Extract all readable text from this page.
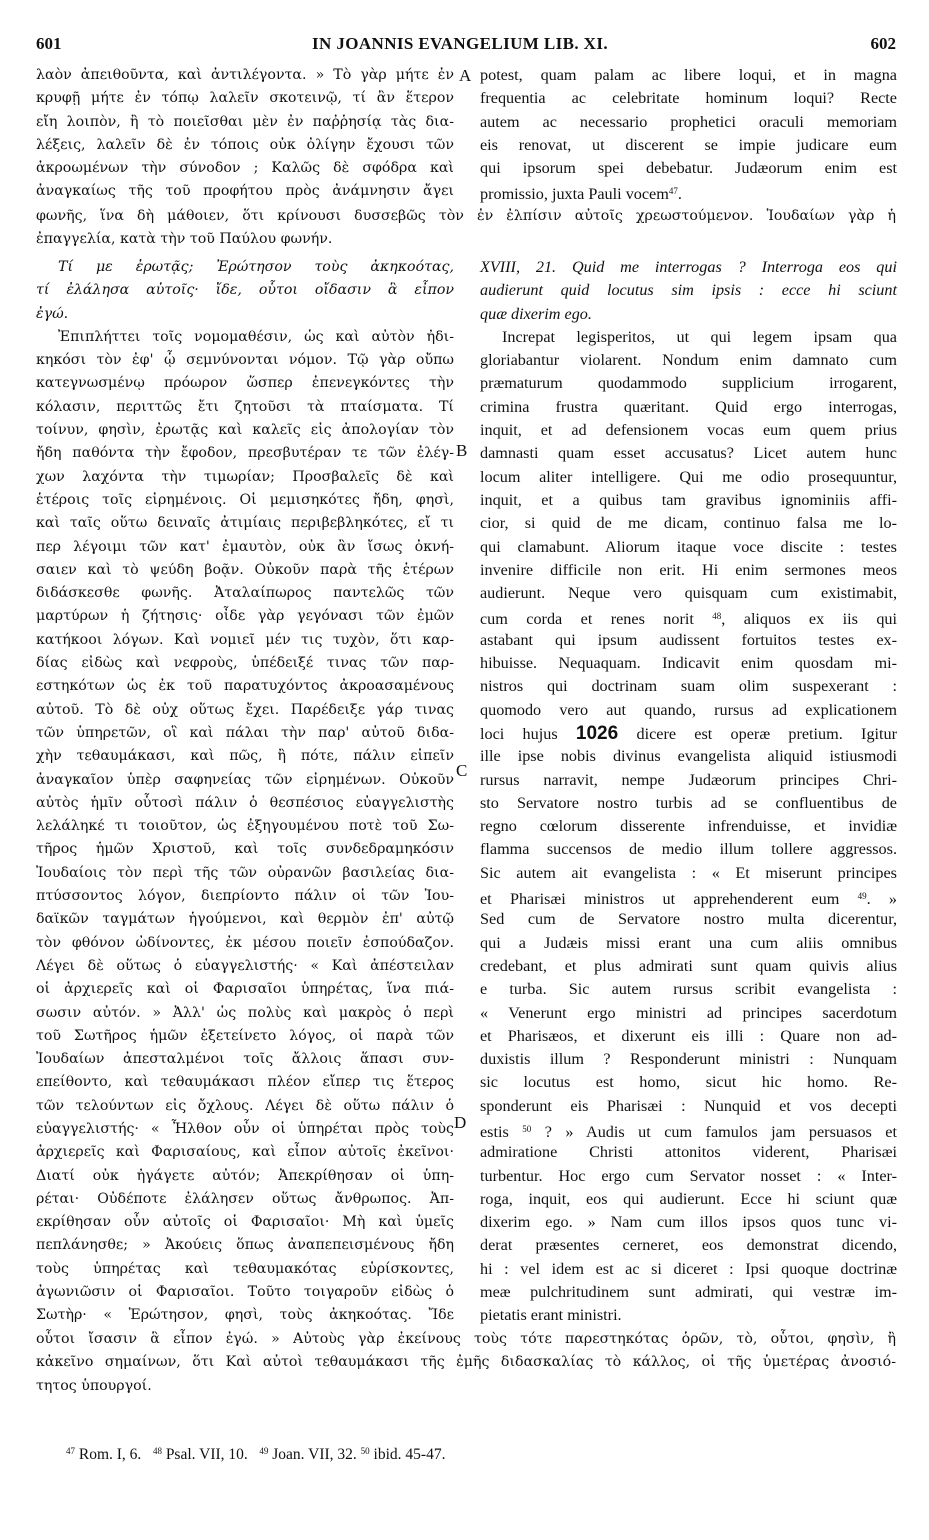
601	IN JOANNIS EVANGELIUM LIB. XI.	602
A
B
C
D
λαὸν ἀπειθοῦντα, καὶ ἀντιλέγοντα. » Τὸ γὰρ μήτε ἐν
κρυφῇ μήτε ἐν τόπῳ λαλεῖν σκοτεινῷ, τί ἂν ἕτερον
εἴη λοιπὸν, ἢ τὸ ποιεῖσθαι μὲν ἐν παῤῥησίᾳ τὰς δια-
λέξεις, λαλεῖν δὲ ἐν τόποις οὐκ ὀλίγην ἔχουσι τῶν
ἀκροωμένων τὴν σύνοδον ; Καλῶς δὲ σφόδρα καὶ
ἀναγκαίως τῆς τοῦ προφήτου πρὸς ἀνάμνησιν ἄγει
potest, quam palam ac libere loqui, et in magna
frequentia ac celebritate hominum loqui? Recte
autem ac necessario prophetici oraculi memoriam
eis renovat, ut discerent se impie judicare eum
qui ipsorum spei debebatur. Judæorum enim est
promissio, juxta Pauli vocem$^{47}$.
φωνῆς, ἵνα δὴ μάθοιεν, ὅτι κρίνουσι δυσσεβῶς τὸν ἐν ἐλπίσιν αὐτοῖς χρεωστούμενον. Ἰουδαίων γὰρ ἡ
ἐπαγγελία, κατὰ τὴν τοῦ Παύλου φωνήν.
Τί με ἐρωτᾷς; Ἐρώτησον τοὺς ἀκηκοότας,
τί ἐλάλησα αὐτοῖς· ἴδε, οὗτοι οἴδασιν ἃ εἶπον
ἐγώ.
Ἐπιπλήττει τοῖς νομομαθέσιν, ὡς καὶ αὐτὸν ἠδι-
κηκόσι τὸν ἐφ' ᾧ σεμνύνονται νόμον. Τῷ γὰρ οὔπω
κατεγνωσμένῳ πρόωρον ὥσπερ ἐπενεγκόντες τὴν
κόλασιν, περιττῶς ἔτι ζητοῦσι τὰ πταίσματα. Τί
τοίνυν, φησὶν, ἐρωτᾷς καὶ καλεῖς εἰς ἀπολογίαν τὸν
ἤδη παθόντα τὴν ἔφοδον, πρεσβυτέραν τε τῶν ἐλέγ-
χων λαχόντα τὴν τιμωρίαν; Προσβαλεῖς δὲ καὶ
ἑτέροις τοῖς εἰρημένοις. Οἱ μεμισηκότες ἤδη, φησὶ,
καὶ ταῖς οὕτω δειναῖς ἀτιμίαις περιβεβληκότες, εἴ τι
περ λέγοιμι τῶν κατ' ἐμαυτὸν, οὐκ ἂν ἴσως ὀκνή-
σαιεν καὶ τὸ ψεύδη βοᾷν. Οὐκοῦν παρὰ τῆς ἑτέρων
διδάσκεσθε φωνῆς. Ἀταλαίπωρος παντελῶς τῶν
μαρτύρων ἡ ζήτησις· οἶδε γὰρ γεγόνασι τῶν ἐμῶν
κατήκοοι λόγων. Καὶ νομιεῖ μέν τις τυχὸν, ὅτι καρ-
δίας εἰδὼς καὶ νεφροὺς, ὑπέδειξέ τινας τῶν παρ-
εστηκότων ὡς ἐκ τοῦ παρατυχόντος ἀκροασαμένους
αὐτοῦ. Τὸ δὲ οὐχ οὕτως ἔχει. Παρέδειξε γάρ τινας
τῶν ὑπηρετῶν, οἳ καὶ πάλαι τὴν παρ' αὐτοῦ διδα-
χὴν τεθαυμάκασι, καὶ πῶς, ἢ πότε, πάλιν εἰπεῖν
ἀναγκαῖον ὑπὲρ σαφηνείας τῶν εἰρημένων. Οὐκοῦν
αὐτὸς ἡμῖν οὗτοσὶ πάλιν ὁ θεσπέσιος εὐαγγελιστὴς
λελάληκέ τι τοιοῦτον, ὡς ἐξηγουμένου ποτὲ τοῦ Σω-
τῆρος ἡμῶν Χριστοῦ, καὶ τοῖς συνδεδραμηκόσιν
Ἰουδαίοις τὸν περὶ τῆς τῶν οὐρανῶν βασιλείας δια-
πτύσσοντος λόγον, διεπρίοντο πάλιν οἱ τῶν Ἰου-
δαϊκῶν ταγμάτων ἡγούμενοι, καὶ θερμὸν ἐπ' αὐτῷ
τὸν φθόνον ὠδίνοντες, ἐκ μέσου ποιεῖν ἐσπούδαζον.
Λέγει δὲ οὕτως ὁ εὐαγγελιστής· « Καὶ ἀπέστειλαν
οἱ ἀρχιερεῖς καὶ οἱ Φαρισαῖοι ὑπηρέτας, ἵνα πιά-
σωσιν αὐτόν. » Ἀλλ' ὡς πολὺς καὶ μακρὸς ὁ περὶ
τοῦ Σωτῆρος ἡμῶν ἐξετείνετο λόγος, οἱ παρὰ τῶν
Ἰουδαίων ἀπεσταλμένοι τοῖς ἄλλοις ἅπασι συν-
επείθοντο, καὶ τεθαυμάκασι πλέον εἴπερ τις ἕτερος
τῶν τελούντων εἰς ὄχλους. Λέγει δὲ οὕτω πάλιν ὁ
εὐαγγελιστής· « Ἦλθον οὖν οἱ ὑπηρέται πρὸς τοὺς
ἀρχιερεῖς καὶ Φαρισαίους, καὶ εἶπον αὐτοῖς ἐκεῖνοι·
Διατί οὐκ ἠγάγετε αὐτόν; Ἀπεκρίθησαν οἱ ὑπη-
ρέται· Οὐδέποτε ἐλάλησεν οὕτως ἄνθρωπος. Ἀπ-
εκρίθησαν οὖν αὐτοῖς οἱ Φαρισαῖοι· Μὴ καὶ ὑμεῖς
πεπλάνησθε; » Ἀκούεις ὅπως ἀναπεπεισμένους ἤδη
τοὺς ὑπηρέτας καὶ τεθαυμακότας εὑρίσκοντες,
ἀγωνιῶσιν οἱ Φαρισαῖοι. Τοῦτο τοιγαροῦν εἰδὼς ὁ
Σωτὴρ· « Ἐρώτησον, φησὶ, τοὺς ἀκηκοότας. Ἴδε
XVIII, 21. Quid me interrogas ? Interroga eos qui
audierunt quid locutus sim ipsis : ecce hi sciunt
quæ dixerim ego.
Increpat legisperitos, ut qui legem ipsam qua
gloriabantur violarent. Nondum enim damnato cum
præmaturum quodammodo supplicium irrogarent,
crimina frustra quæritant. Quid ergo interrogas,
inquit, et ad defensionem vocas eum quem prius
damnasti quam esset accusatus? Licet autem hunc
locum aliter intelligere. Qui me odio prosequuntur,
inquit, et a quibus tam gravibus ignominiis affi-
cior, si quid de me dicam, continuo falsa me lo-
qui clamabunt. Aliorum itaque voce discite : testes
invenire difficile non erit. Hi enim sermones meos
audierunt. Neque vero quisquam cum existimabit,
cum corda et renes norit $^{48}$, aliquos ex iis qui
astabant qui ipsum audissent fortuitos testes ex-
hibuisse. Nequaquam. Indicavit enim quosdam mi-
nistros qui doctrinam suam olim suspexerant :
quomodo vero aut quando, rursus ad explicationem
loci hujus 1026 dicere est operæ pretium. Igitur
ille ipse nobis divinus evangelista aliquid istiusmodi
rursus narravit, nempe Judæorum principes Chri-
sto Servatore nostro turbis ad se confluentibus de
regno cœlorum disserente infrenduisse, et invidiæ
flamma succensos de medio illum tollere aggressos.
Sic autem ait evangelista : « Et miserunt principes
et Pharisæi ministros ut apprehenderent eum $^{49}$. »
Sed cum de Servatore nostro multa dicerentur,
qui a Judæis missi erant una cum aliis omnibus
credebant, et plus admirati sunt quam quivis alius
e turba. Sic autem rursus scribit evangelista :
« Venerunt ergo ministri ad principes sacerdotum
et Pharisæos, et dixerunt eis illi : Quare non ad-
duxistis illum ? Responderunt ministri : Nunquam
sic locutus est homo, sicut hic homo. Re-
sponderunt eis Pharisæi : Nunquid et vos decepti
estis $^{50}$ ? » Audis ut cum famulos jam persuasos et
admiratione Christi attonitos viderent, Pharisæi
turbentur. Hoc ergo cum Servator nosset : « Inter-
roga, inquit, eos qui audierunt. Ecce hi sciunt quæ
dixerim ego. » Nam cum illos ipsos quos tunc vi-
derat præsentes cerneret, eos demonstrat dicendo,
hi : vel idem est ac si diceret : Ipsi quoque doctrinæ
meæ pulchritudinem sunt admirati, qui vestræ im-
pietatis erant ministri.
οὗτοι ἴσασιν ἃ εἶπον ἐγώ. » Αὐτοὺς γὰρ ἐκείνους τοὺς τότε παρεστηκότας ὁρῶν, τὸ, οὗτοι, φησὶν, ἢ
κἀκεῖνο σημαίνων, ὅτι Καὶ αὐτοὶ τεθαυμάκασι τῆς ἐμῆς διδασκαλίας τὸ κάλλος, οἱ τῆς ὑμετέρας ἀνοσιό-
τητος ὑπουργοί.
$^{47}$ Rom. I, 6. $^{48}$ Psal. VII, 10. $^{49}$ Joan. VII, 32. $^{50}$ ibid. 45-47.
